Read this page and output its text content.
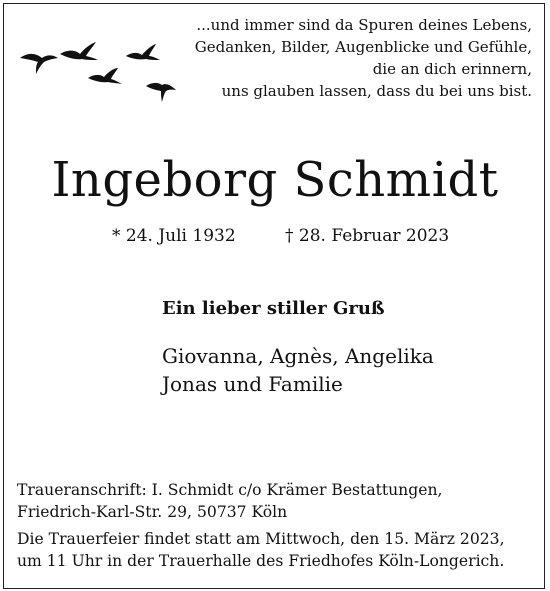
...und immer sind da Spuren deines Lebens,
Gedanken, Bilder, Augenblicke und Gefühle,
die an dich erinnern,
uns glauben lassen, dass du bei uns bist.
Ingeborg Schmidt
* 24. Juli 1932	† 28. Februar 2023
Ein lieber stiller Gruß
Giovanna, Agnès, Angelika
Jonas und Familie
Traueranschrift: I. Schmidt c/o Krämer Bestattungen,
Friedrich-Karl-Str. 29, 50737 Köln
Die Trauerfeier findet statt am Mittwoch, den 15. März 2023,
um 11 Uhr in der Trauerhalle des Friedhofes Köln-Longerich.
